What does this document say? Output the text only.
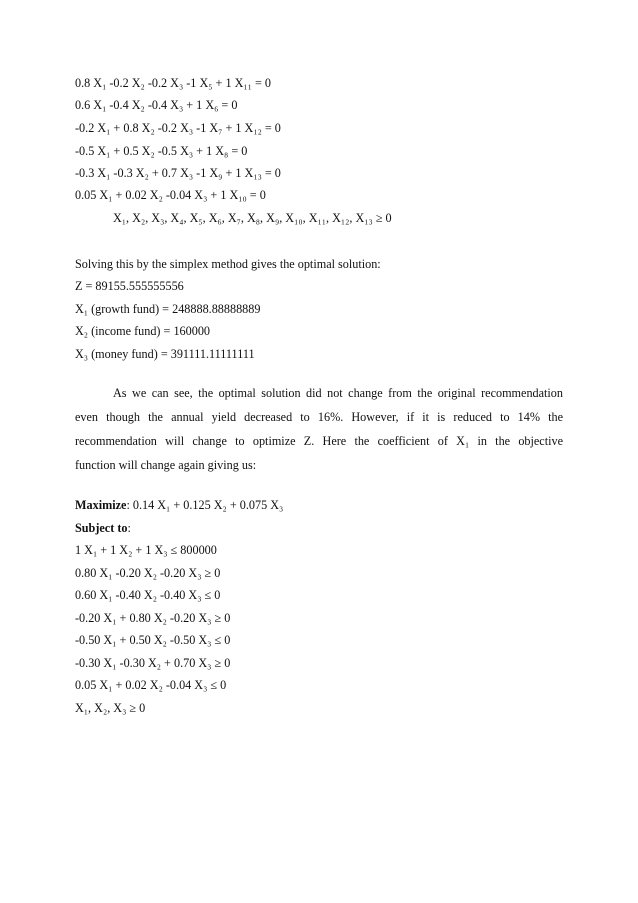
0.8 X₁ -0.2 X₂ -0.2 X₃ -1 X₅ + 1 X₁₁ = 0
0.6 X₁ -0.4 X₂ -0.4 X₃ + 1 X₆ = 0
-0.2 X₁ + 0.8 X₂ -0.2 X₃ -1 X₇ + 1 X₁₂ = 0
-0.5 X₁ + 0.5 X₂ -0.5 X₃ + 1 X₈ = 0
-0.3 X₁ -0.3 X₂ + 0.7 X₃ -1 X₉ + 1 X₁₃ = 0
0.05 X₁ + 0.02 X₂ -0.04 X₃ + 1 X₁₀ = 0
X₁, X₂, X₃, X₄, X₅, X₆, X₇, X₈, X₉, X₁₀, X₁₁, X₁₂, X₁₃ ≥ 0
Solving this by the simplex method gives the optimal solution:
Z = 89155.555555556
X₁ (growth fund) = 248888.88888889
X₂ (income fund) = 160000
X₃ (money fund) = 391111.11111111
As we can see, the optimal solution did not change from the original recommendation
even though the annual yield decreased to 16%. However, if it is reduced to 14% the
recommendation will change to optimize Z. Here the coefficient of X₁ in the objective
function will change again giving us:
Maximize: 0.14 X₁ + 0.125 X₂ + 0.075 X₃
Subject to:
1 X₁ + 1 X₂ + 1 X₃ ≤ 800000
0.80 X₁ -0.20 X₂ -0.20 X₃ ≥ 0
0.60 X₁ -0.40 X₂ -0.40 X₃ ≤ 0
-0.20 X₁ + 0.80 X₂ -0.20 X₃ ≥ 0
-0.50 X₁ + 0.50 X₂ -0.50 X₃ ≤ 0
-0.30 X₁ -0.30 X₂ + 0.70 X₃ ≥ 0
0.05 X₁ + 0.02 X₂ -0.04 X₃ ≤ 0
X₁, X₂, X₃ ≥ 0
